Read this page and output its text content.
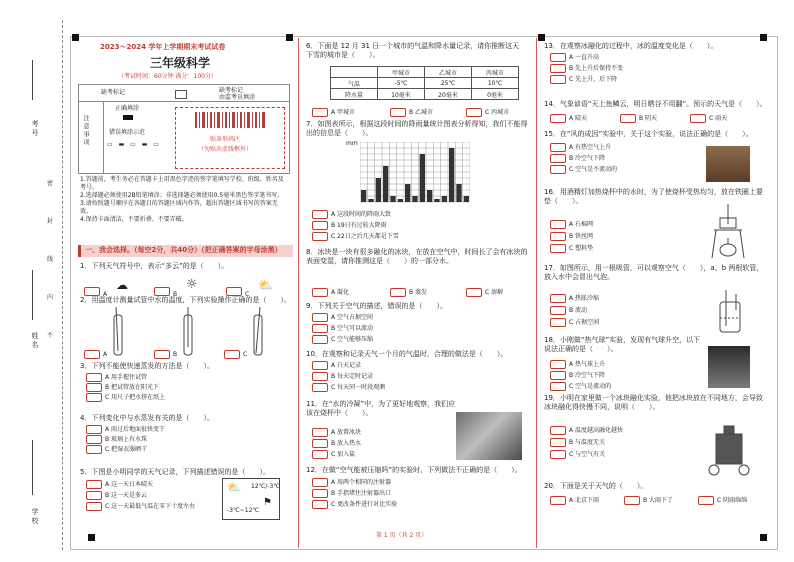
考号
姓名
学校
密
封
线
内
不
2023～2024 学年上学期期末考试试卷
三年级科学
（考试时间：60分钟 满分：100分）
缺考标记	缺考标记
由监考员填涂
注意事项
正确填涂
错误填涂示范
▭ ▬ ▭ ▬ ▭
贴条形码区
（勿贴出虚线框外）
1.答题前，考生务必在答题卡上用黑色字迹的签字笔填写学校、班级、姓名及考号。
2.选择题必须使用2B铅笔填涂；非选择题必须使用0.5毫米黑色签字笔书写。
3.请按照题号顺序在各题目的答题区域内作答，超出答题区域书写的答案无效。
4.保持卡面清洁，不要折叠、不要弄破。
一、我会选择。（每空2分，共40分）（把正确答案的字母涂黑）
1．下列天气符号中，表示“多云”的是（　　）。
A
☁
B
☼
C
⛅
2．用温度计测量试管中水的温度，下列实验操作正确的是（　　）。
A	B	C
3．下列不能使快速蒸发的方法是（　　）。
A 用手握住试管
B 把试管放在阳光下
C 用尺子把水挤在纸上
4．下列变化中与水蒸发有关的是（　　）。
A 雨过后地面很快变干
B 玻璃上有水珠
C 把湿衣服晒干
5．下图是小明同学的天气记录，下列描述错误的是（　　）。
A 这一天日本晴天
B 这一天是多云
C 这一天最低气温在零下十度左右
⛅ 12℃/-3℃
-3℃~12℃
⚑
6．下面是 12 月 31 日一个城市的气温和降水量记录，请你推断这天下雪的城市是（　　）。
	甲城市	乙城市	丙城市
气温	-5℃	25℃	10℃
降水量	10毫米	20毫米	0毫米
A 甲城市	B 乙城市	C 丙城市
7．如图表所示，根据这段时间的降雨量统计图表分析得知，我们不能得出的信息是（　　）。
mm
A 这段时间的降雨大致
B 19日有过较大降雨
C 22日之后几天都是下雪
8．冰块是一块有很多融化的冰块，在放在空气中，时间长了会有冰块的表面变湿，请你推测这是（　　）的一部分水。
A 凝化	B 蒸发	C 溶解
9．下列关于空气的描述，错误的是（　　）。
A 空气占据空间
B 空气可以流动
C 空气能够压缩
10．在观察和记录天气一个月的气温时，合理的做法是（　　）。
A 白天记录
B 每天定时记录
C 每天同一时段观测
11．在“水的冷凝”中，为了更好地观察，我们应该在烧杯中（　　）。
A 放置冰块
B 放入热水
C 加入盐
12．在做“空气能被压缩吗”的实验时，下列做法不正确的是（　　）。
A 用两个相同的注射器
B 手指堵住注射器出口
C 更改条件进行对比实验
第 1 页（共 2 页）
13．在观察冰融化的过程中，冰的温度变化是（　　）。
A 一直升高
B 先上升后保持不变
C 先上升，后下降
14．气象谚语“天上鱼鳞云，明日晒谷不用翻”。预示的天气是（　　）。
A 晴天	B 阴天	C 雨天
15．在“风的成因”实验中，关于这个实验，说法正确的是（　　）。
A 有热空气上升
B 冷空气下降
C 空气是不流动的
16．用酒精灯加热烧杯中的水时，为了使烧杯受热均匀，放在铁圈上要垫（　　）。
A 石棉网
B 铁丝网
C 塑料垫
17．如图所示，用一根吸管，可以观察空气（　　），a、b 两根软管，放入水中会冒出气泡。
A 热胀冷缩
B 流动
C 占据空间
18．小刚做“热气球”实验，发现有气球升空，以下说法正确的是（　　）。
A 热气球上升
B 冷空气下降
C 空气是流动的
19．小明在家里做一个冰块融化实验，他把冰块放在不同地方，会导致冰块融化得快慢不同，说明（　　）。
A 温度越高融化越快
B 与温度无关
C 与空气有关
20．下面是关于天气的（　　）。
A 北京下雨	B 大雨下了	C 阴雨绵绵
